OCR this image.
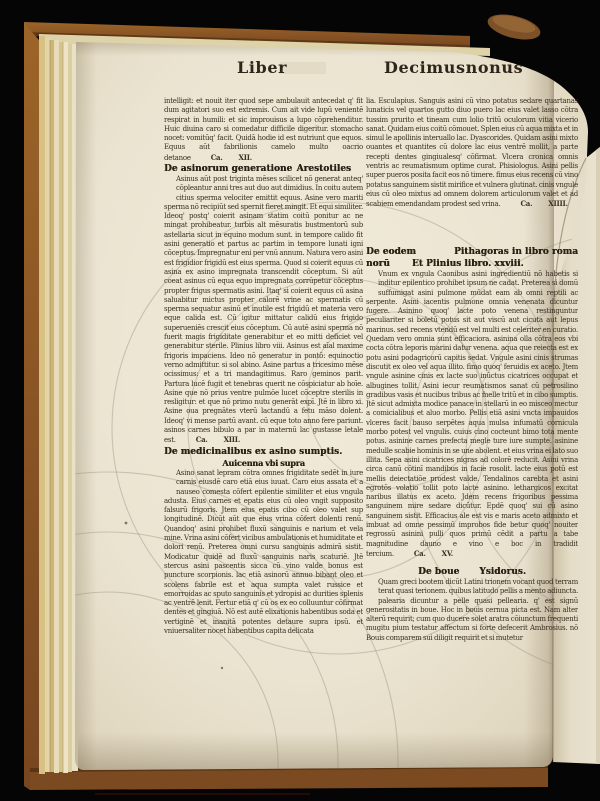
Liber	Decimusnonus
intelligit: et nouit iter quod sepe ambulauit antecedat q' fit dum agitatori suo est extremis. Cum ait vide lupū venientē respirat in humili: et sic improuisus a lupo cōprehenditur. Huic diuina caro si comedatur difficile digeritur. stomacho nocet: vomitūq' facit. Quidā hodie id est nutriunt que equos. Equus aūt fabrilionis camelo multo oacrio detanoe	Ca. XII.
De asinorum generatione Arestotiles
Asinus aūt post triginta mēses scilicet nō generat anteq' cōpleantur anni tres aut duo aut dimidius. In coitu autem citius sperma velociter emittit equus. Asine vero mariti sperma nō recipiūt sed spernit fieret mingit. Et equi similiter. Ideoq' postq' coierit asinam statim coitū ponitur ac ne mingat prohibeatur. turbis alt mēsuratis bustmentorū sub astellaria sicut in equino modum sunt. in tempore calido fit asini generatio et partus ac partim in tempore lunati igni cōceptus. Impregnatur eni per vnū annum. Natura vero asini est frigidior frigidū est eius sperma. Quod si coierit equus cū asina ex asino impregnata transcendit cōceptum. Si aūt coeat asinus cū equa equo impregnata corrūpetur cōceptus propter frigus spermatis asini. Itaq' si coierit equus cū asina saluabitur mictus propter calorē vrine ac spermatis cū sperma sequatur asinū et inutile est frigidū et materia vero eque calida est. Cū igitur mittatur calidū eius frigido superueniēs crescit eius cōceptum. Cū autē asini sperma nō fuerit magis frigiditate generabitur et eo mitti deficiet vel generabitur sterile. Plinius libro viii. Asinus est aīal maxime frigoris impaciens. Ideo nō generatur in pontō: equinoctio verno admittitur. si sol abino. Asine partus a tricesimo mēse ocissimus: et a tri mandagitimus. Raro geminos parit. Partura lucē fugit et tenebras querit ne cōspiciatur ab hoīe. Asine que nō prius ventre pulmōe lucet cōceptre sterilis in resligitur: et que nō primo nutu generāt expī. Jtē in libro xi. Asine oua pregnātes vterū lactandū a fetu māso dolent. Ideoq' vi mense partū avant. cū eque toto anno fere pariunt. asinos carnes bibulo a par in maternū lac gustasse letale est.	Ca. XIII.
De medicinalibus ex asino sumptis.
Auicenna vbi supra
Asino sanat lepram cōtra omnes frigiditate sedēt in iure carnis eiusdē caro etiā eius iuuat. Caro eius assata et a nauseo comesta cōfert epilentie similiter et eius vngula adusta. Eius carnes et epatis eius cū oleo vngit supposito falsurū frigoris. Jtem eius epatis cibo cū oleo valet sup longitudinē. Dicūt aūt que eius vrina cōfert dolenti renū. Quandoq' asini prohibet fluxū sanguinis e narium et vela mine. Vrina asini cōfert vicibus ambulationis et humiditate et dolori renū. Preterea omni cursu sanguinis admirā sistit. Modicatur quidē ad fluxū sanguinis naris scaturiē. Jtē stercus asini pascentis sicca cū vino valde bonus est puncture scorpionis. lac etiā asinorū annuo bibant oleo et scolens fabrile est et aqua sumpta valet russice et emorroidas ac sputo sanguinis et ydropisi ac durities splenis ac ventrē lenit. Fertur etiā q' cū os ex eo colluuntur cōfirmat dentes et gingiuā. Nō est autē elixationis habentibus soda et vertiginē et inanitā potentes detaure supra ipsū. et vniuersaliter nocet habentibus capita delicata
lia. Esculapius. Sanguis asini cū vino potatus sedare quartanas lunaticis vel quartos gutto diuo puero lac eius valet lasso cōtra tussim prurito et tineam cum lolio tritū oculorum vitia vicerio sanat. Quidam eius coitū cōmouet. Splen eius cū aqua mixta et in simul le apollinis interuallo lac. Dyascorides. Quidam asini mixto ouantes et quantites cū dolore lac eius ventrē mollit, a parte recepti dentes gingiualesq' cōfirmat. Vlcera cronica omnis ventris ac reumatismum optime curat. Phisiologus. Asini pellis super pueros posita facit eos nō timere. fimus eius recens cū vino potatus sanguinem sistit mirifice et vulnera glutinat. cinis vngule eius cū oleo mixtus ad omnem dolorem articulorum valet et ad scabiem emendandam prodest sed vrina.	Ca. XIIII.
De eodem	Pithagoras in libro roma
norū Et Plinius libro. xxviii.
Vnum ex vngula Caonibus asini ingredientiū nō habetis si inditur epilentico prohibet ipsum ne cadat. Preterea si domū suffumigat asini pulmone mūdat eam ab omni reptili ac serpente. Asini iacentis pulmone omnia venenata dicuntur fugere. Asinino quoq' lacte poto venena restinguntur peculiariter si boletū potus sit aut viscū aut cicuta aut lepus marinus. sed recens vtendū est vel multi est celeriter en curatio. Quedam vero omnia sunt efficaciora. asinina olla cōtra eos vbi cocta cōtra leporis marini datur venena. aqua que reiecta est ex potu asini podagricorū capitis sedat. Vngule asini cinis strumas discutit ex oleo vel aqua illito. fimo quoq' feruidis ex aceto. Jtem vngule asinine cinis ex lacte suo inūctus cicatrices occupat et albugines tollit. Asini iecur reumatismos sanat cū petrosilino gradibus vasis et nucibus tribus ac melle tritū et in cibo sumptis. Jtē sicut admixta modice panace in stellarū in eo misceo mectur a comicialibus et aluo morbo. Pellis etiā asini vncta impauidos vlceres facit bauso serpētes aqua mulsa infumatū cornicula morbo potest vel vngulis. cuius cino cocteunt bimo tota mente potus. asinine carnes prefecta megle ture iure sumpte. asinine medulle scabie hominis in se une abolent. et eius vrina ei lato suo illita. Sepa asini cicatrices nigras ad colorē reducit. Asini vrina circa canū cōtinī mandibus in facie rosolit. lacte eius potū est mellis deiectatiōe prodest valde. Tendalinos carebta et asini egrotōs volatio tollit poto lacte asinino. lethargicos excitat naribus illatus ex aceto. Jdem recens frigoribus pessima sanguinem mire sedare dicūtur. Epdē quoq' sui cū asino sanguinem sistit. Efficacius ale est vis e maris aceto admixto et imbuat ad omne pessimū improbos fide betur quoq' nouiter regrossū asinini pulli quos primū cēdit a partu a tabe magnitudine dauno e vino e boc in tradidit tercium.	Ca. XV.
De boue Ysidorus.
Quam greci bootem dicūt Latini trionem vocant quod terram terat quasi terionem. quibus latitudo pellis a mento adiuncta. palearia dicuntur a pelle quasi pellearia. q' est signū generositatis in boue. Hoc in bouis cernua picta est. Nam alter alterū requirit; cum quo ducere solet aratra cōiunctum frequenti mugitu pium testatur affectum si forte defecerit Ambrosius. nō Bouis comparem sui diligit requirit et si mutetur
